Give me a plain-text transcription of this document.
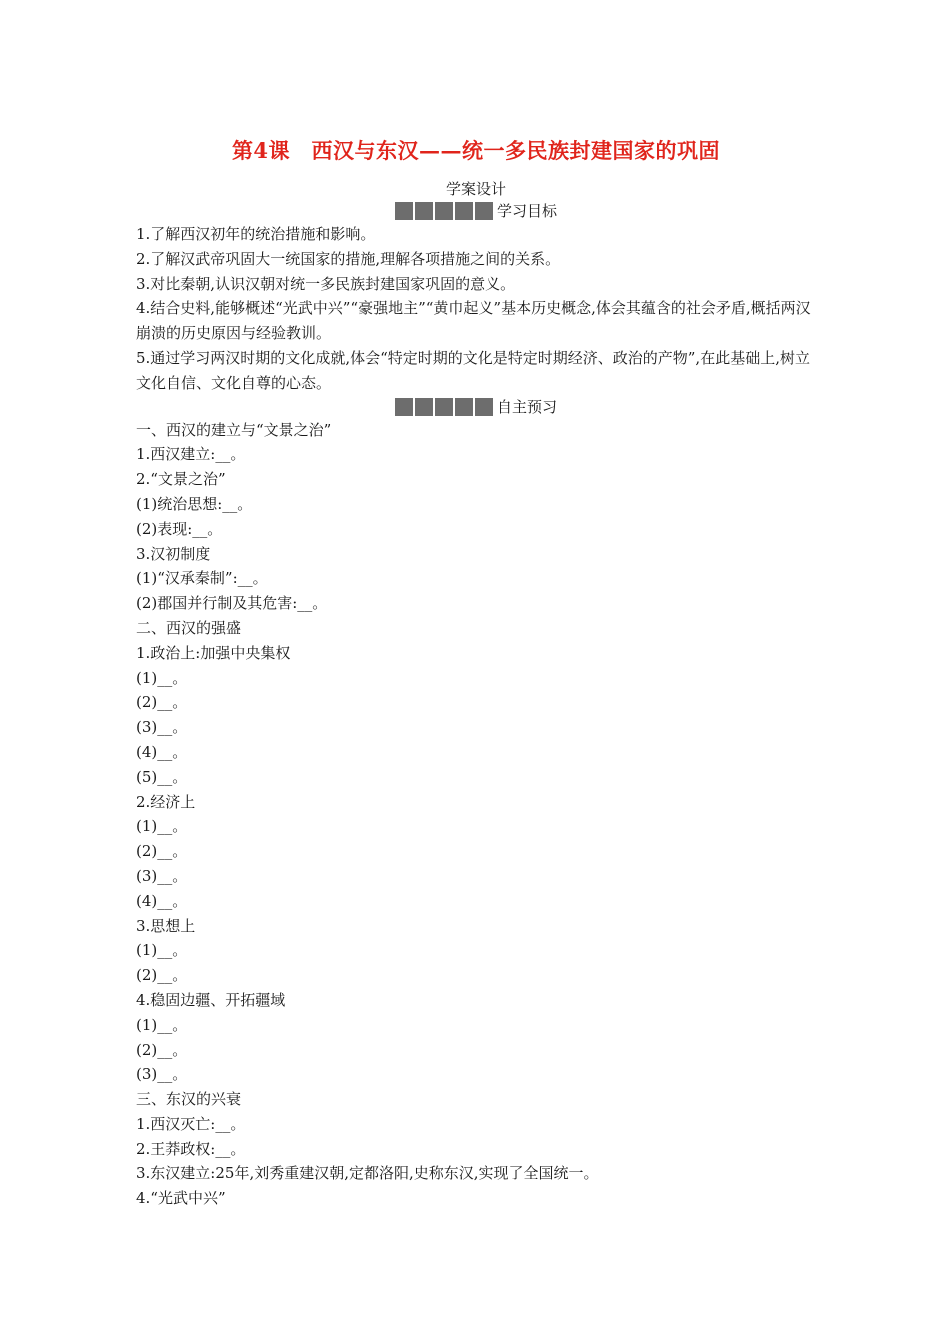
第4课　西汉与东汉——统一多民族封建国家的巩固

学案设计

学习目标

1.了解西汉初年的统治措施和影响。

2.了解汉武帝巩固大一统国家的措施,理解各项措施之间的关系。

3.对比秦朝,认识汉朝对统一多民族封建国家巩固的意义。

4.结合史料,能够概述“光武中兴”“豪强地主”“黄巾起义”基本历史概念,体会其蕴含的社会矛盾,概括两汉崩溃的历史原因与经验教训。

5.通过学习两汉时期的文化成就,体会“特定时期的文化是特定时期经济、政治的产物”,在此基础上,树立文化自信、文化自尊的心态。

自主预习

一、西汉的建立与“文景之治”

1.西汉建立:__。

2.“文景之治”

(1)统治思想:__。

(2)表现:__。

3.汉初制度

(1)“汉承秦制”:__。

(2)郡国并行制及其危害:__。

二、西汉的强盛

1.政治上:加强中央集权

(1)__。

(2)__。

(3)__。

(4)__。

(5)__。

2.经济上

(1)__。

(2)__。

(3)__。

(4)__。

3.思想上

(1)__。

(2)__。

4.稳固边疆、开拓疆域

(1)__。

(2)__。

(3)__。

三、东汉的兴衰

1.西汉灭亡:__。

2.王莽政权:__。

3.东汉建立:25年,刘秀重建汉朝,定都洛阳,史称东汉,实现了全国统一。

4.“光武中兴”
